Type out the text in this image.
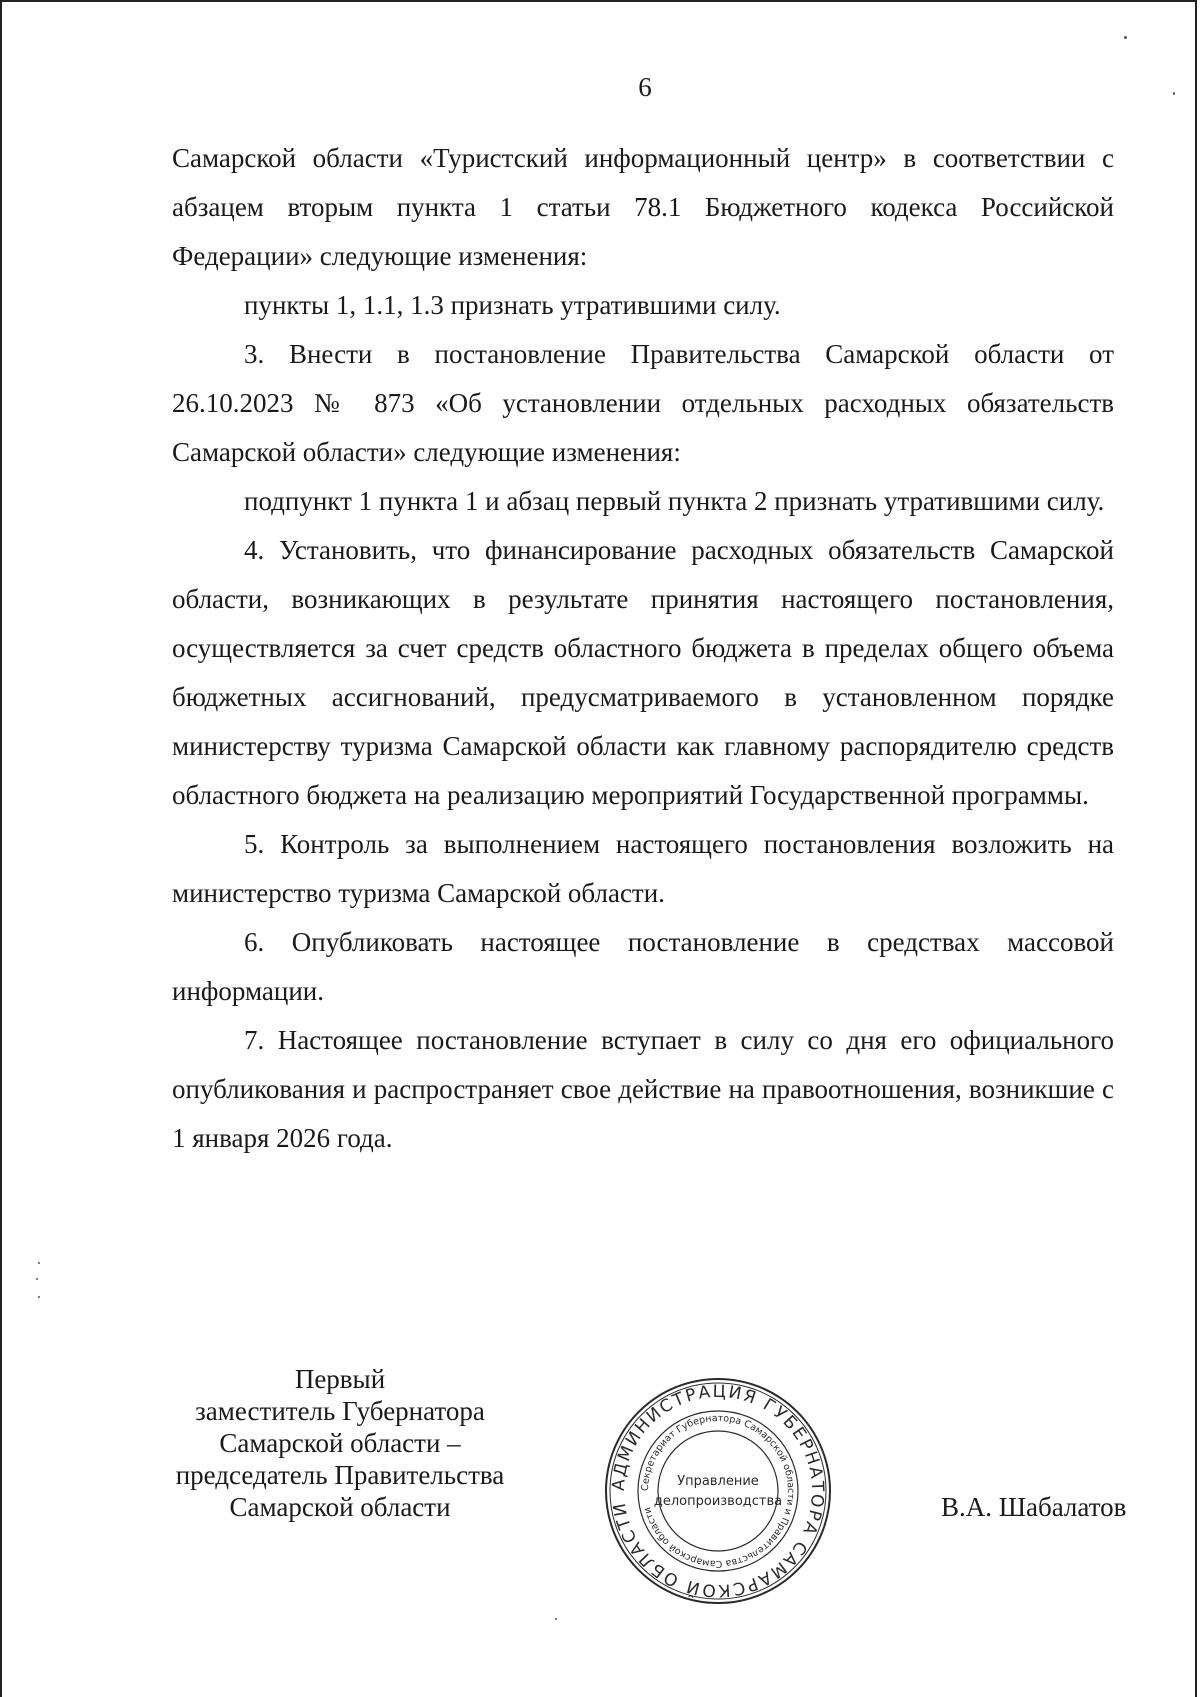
6

Самарской области «Туристский информационный центр» в соответствии с абзацем вторым пункта 1 статьи 78.1 Бюджетного кодекса Российской Федерации» следующие изменения:

пункты 1, 1.1, 1.3 признать утратившими силу.

3. Внести в постановление Правительства Самарской области от 26.10.2023 № 873 «Об установлении отдельных расходных обязательств Самарской области» следующие изменения:

подпункт 1 пункта 1 и абзац первый пункта 2 признать утратившими силу.

4. Установить, что финансирование расходных обязательств Самарской области, возникающих в результате принятия настоящего постановления, осуществляется за счет средств областного бюджета в пределах общего объема бюджетных ассигнований, предусматриваемого в установленном порядке министерству туризма Самарской области как главному распорядителю средств областного бюджета на реализацию мероприятий Государственной программы.

5. Контроль за выполнением настоящего постановления возложить на министерство туризма Самарской области.

6. Опубликовать настоящее постановление в средствах массовой информации.

7. Настоящее постановление вступает в силу со дня его официального опубликования и распространяет свое действие на правоотношения, возникшие с 1 января 2026 года.

Первый
заместитель Губернатора
Самарской области –
председатель Правительства
Самарской области
АДМИНИСТРАЦИЯ ГУБЕРНАТОРА САМАРСКОЙ ОБЛАСТИ
Секретариат Губернатора Самарской области и Правительства Самарской области
Управление
делопроизводства	В.А. Шабалатов
